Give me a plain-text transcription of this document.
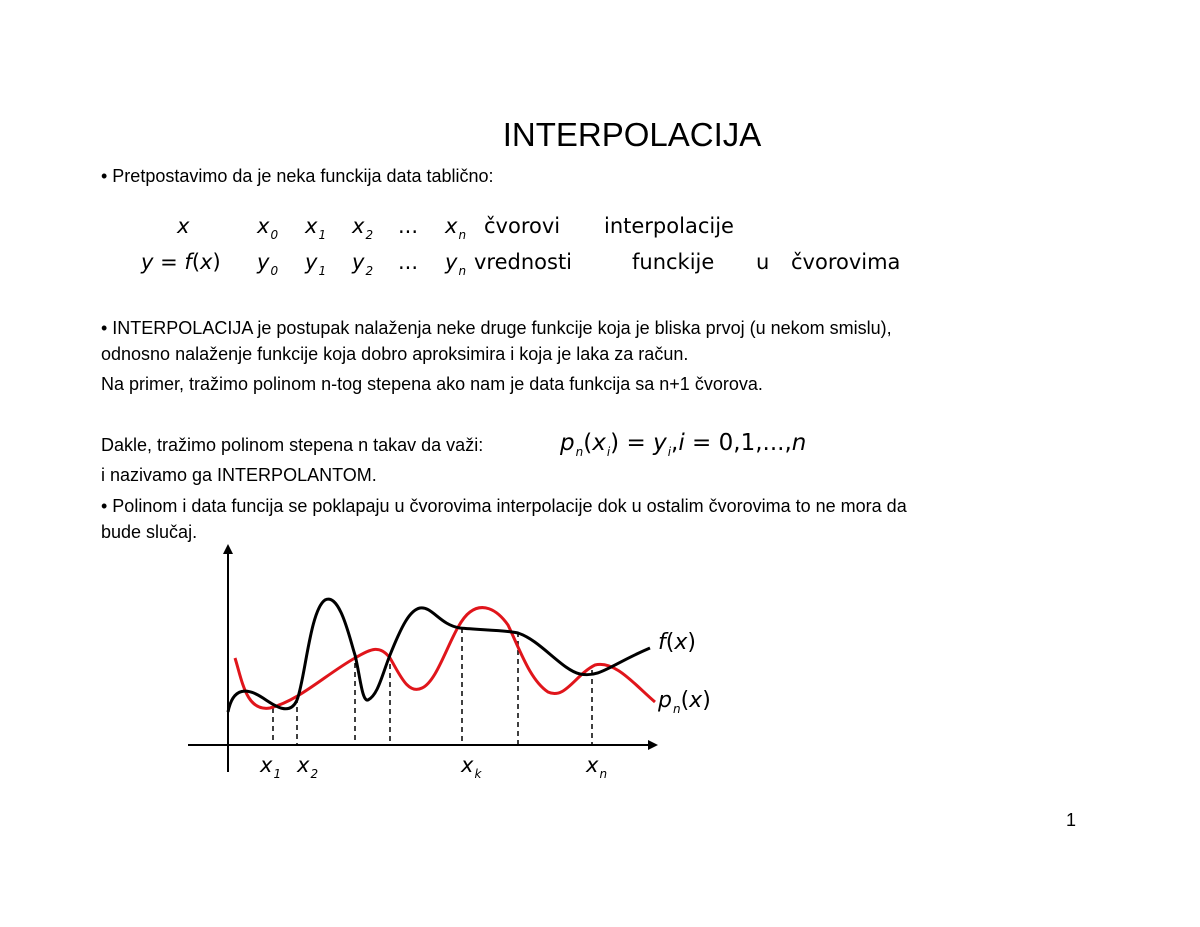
INTERPOLACIJA
• Pretpostavimo da je neka funckija data tablično:
x	$x_0$ $x_1$ $x_2$ ... $x_n$ čvorovi interpolacije
y = f(x) $y_0$ $y_1$ $y_2$ ... $y_n$ vrednosti	funckije u čvorovima
• INTERPOLACIJA je postupak nalaženja neke druge funkcije koja je bliska prvoj (u nekom smislu),
odnosno nalaženje funkcije koja dobro aproksimira i koja je laka za račun.
Na primer, tražimo polinom n-tog stepena ako nam je data funkcija sa n+1 čvorova.
Dakle, tražimo polinom stepena n takav da važi:	$p_n(x_i) = y_i,i = 0,1,...,n$
i nazivamo ga INTERPOLANTOM.
• Polinom i data funcija se poklapaju u čvorovima interpolacije dok u ostalim čvorovima to ne mora da
bude slučaj.
f(x)
$p_n(x)$
$x_1$ $x_2$	$x_k$	$x_n$
1
